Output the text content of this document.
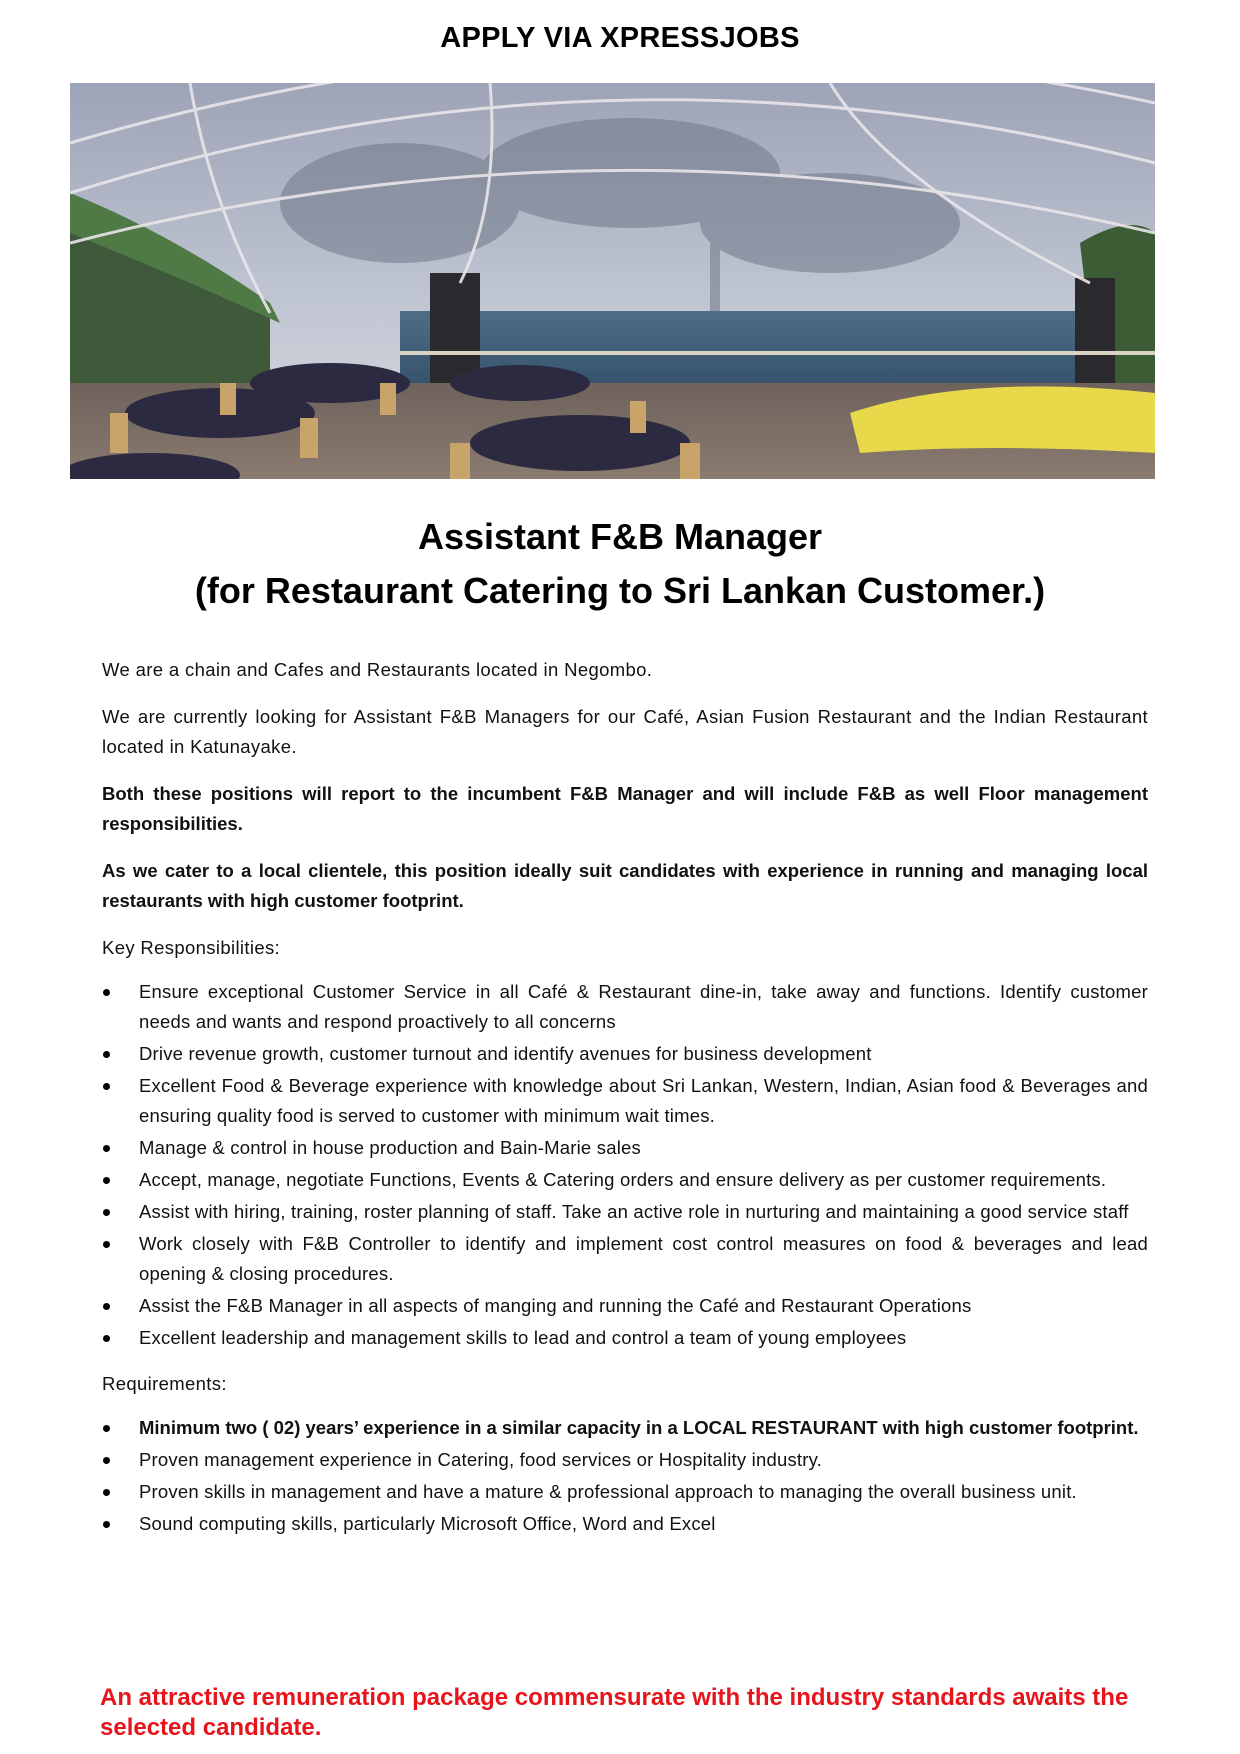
APPLY VIA XPRESSJOBS
Assistant F&B Manager
(for Restaurant Catering to Sri Lankan Customer.)

We are a chain and Cafes and Restaurants located in Negombo.

We are currently looking for Assistant F&B Managers for our Café, Asian Fusion Restaurant and the Indian Restaurant located in Katunayake.

Both these positions will report to the incumbent F&B Manager and will include F&B as well Floor management responsibilities.

As we cater to a local clientele, this position ideally suit candidates with experience in running and managing local restaurants with high customer footprint.

Key Responsibilities:

Ensure exceptional Customer Service in all Café & Restaurant dine-in, take away and functions. Identify customer needs and wants and respond proactively to all concerns
Drive revenue growth, customer turnout and identify avenues for business development
Excellent Food & Beverage experience with knowledge about Sri Lankan, Western, Indian, Asian food & Beverages and ensuring quality food is served to customer with minimum wait times.
Manage & control in house production and Bain-Marie sales
Accept, manage, negotiate Functions, Events & Catering orders and ensure delivery as per customer requirements.
Assist with hiring, training, roster planning of staff. Take an active role in nurturing and maintaining a good service staff
Work closely with F&B Controller to identify and implement cost control measures on food & beverages and lead opening & closing procedures.
Assist the F&B Manager in all aspects of manging and running the Café and Restaurant Operations
Excellent leadership and management skills to lead and control a team of young employees

Requirements:

Minimum two ( 02) years’ experience in a similar capacity in a LOCAL RESTAURANT with high customer footprint.
Proven management experience in Catering, food services or Hospitality industry.
Proven skills in management and have a mature & professional approach to managing the overall business unit.
Sound computing skills, particularly Microsoft Office, Word and Excel
An attractive remuneration package commensurate with the industry standards awaits the selected candidate.
